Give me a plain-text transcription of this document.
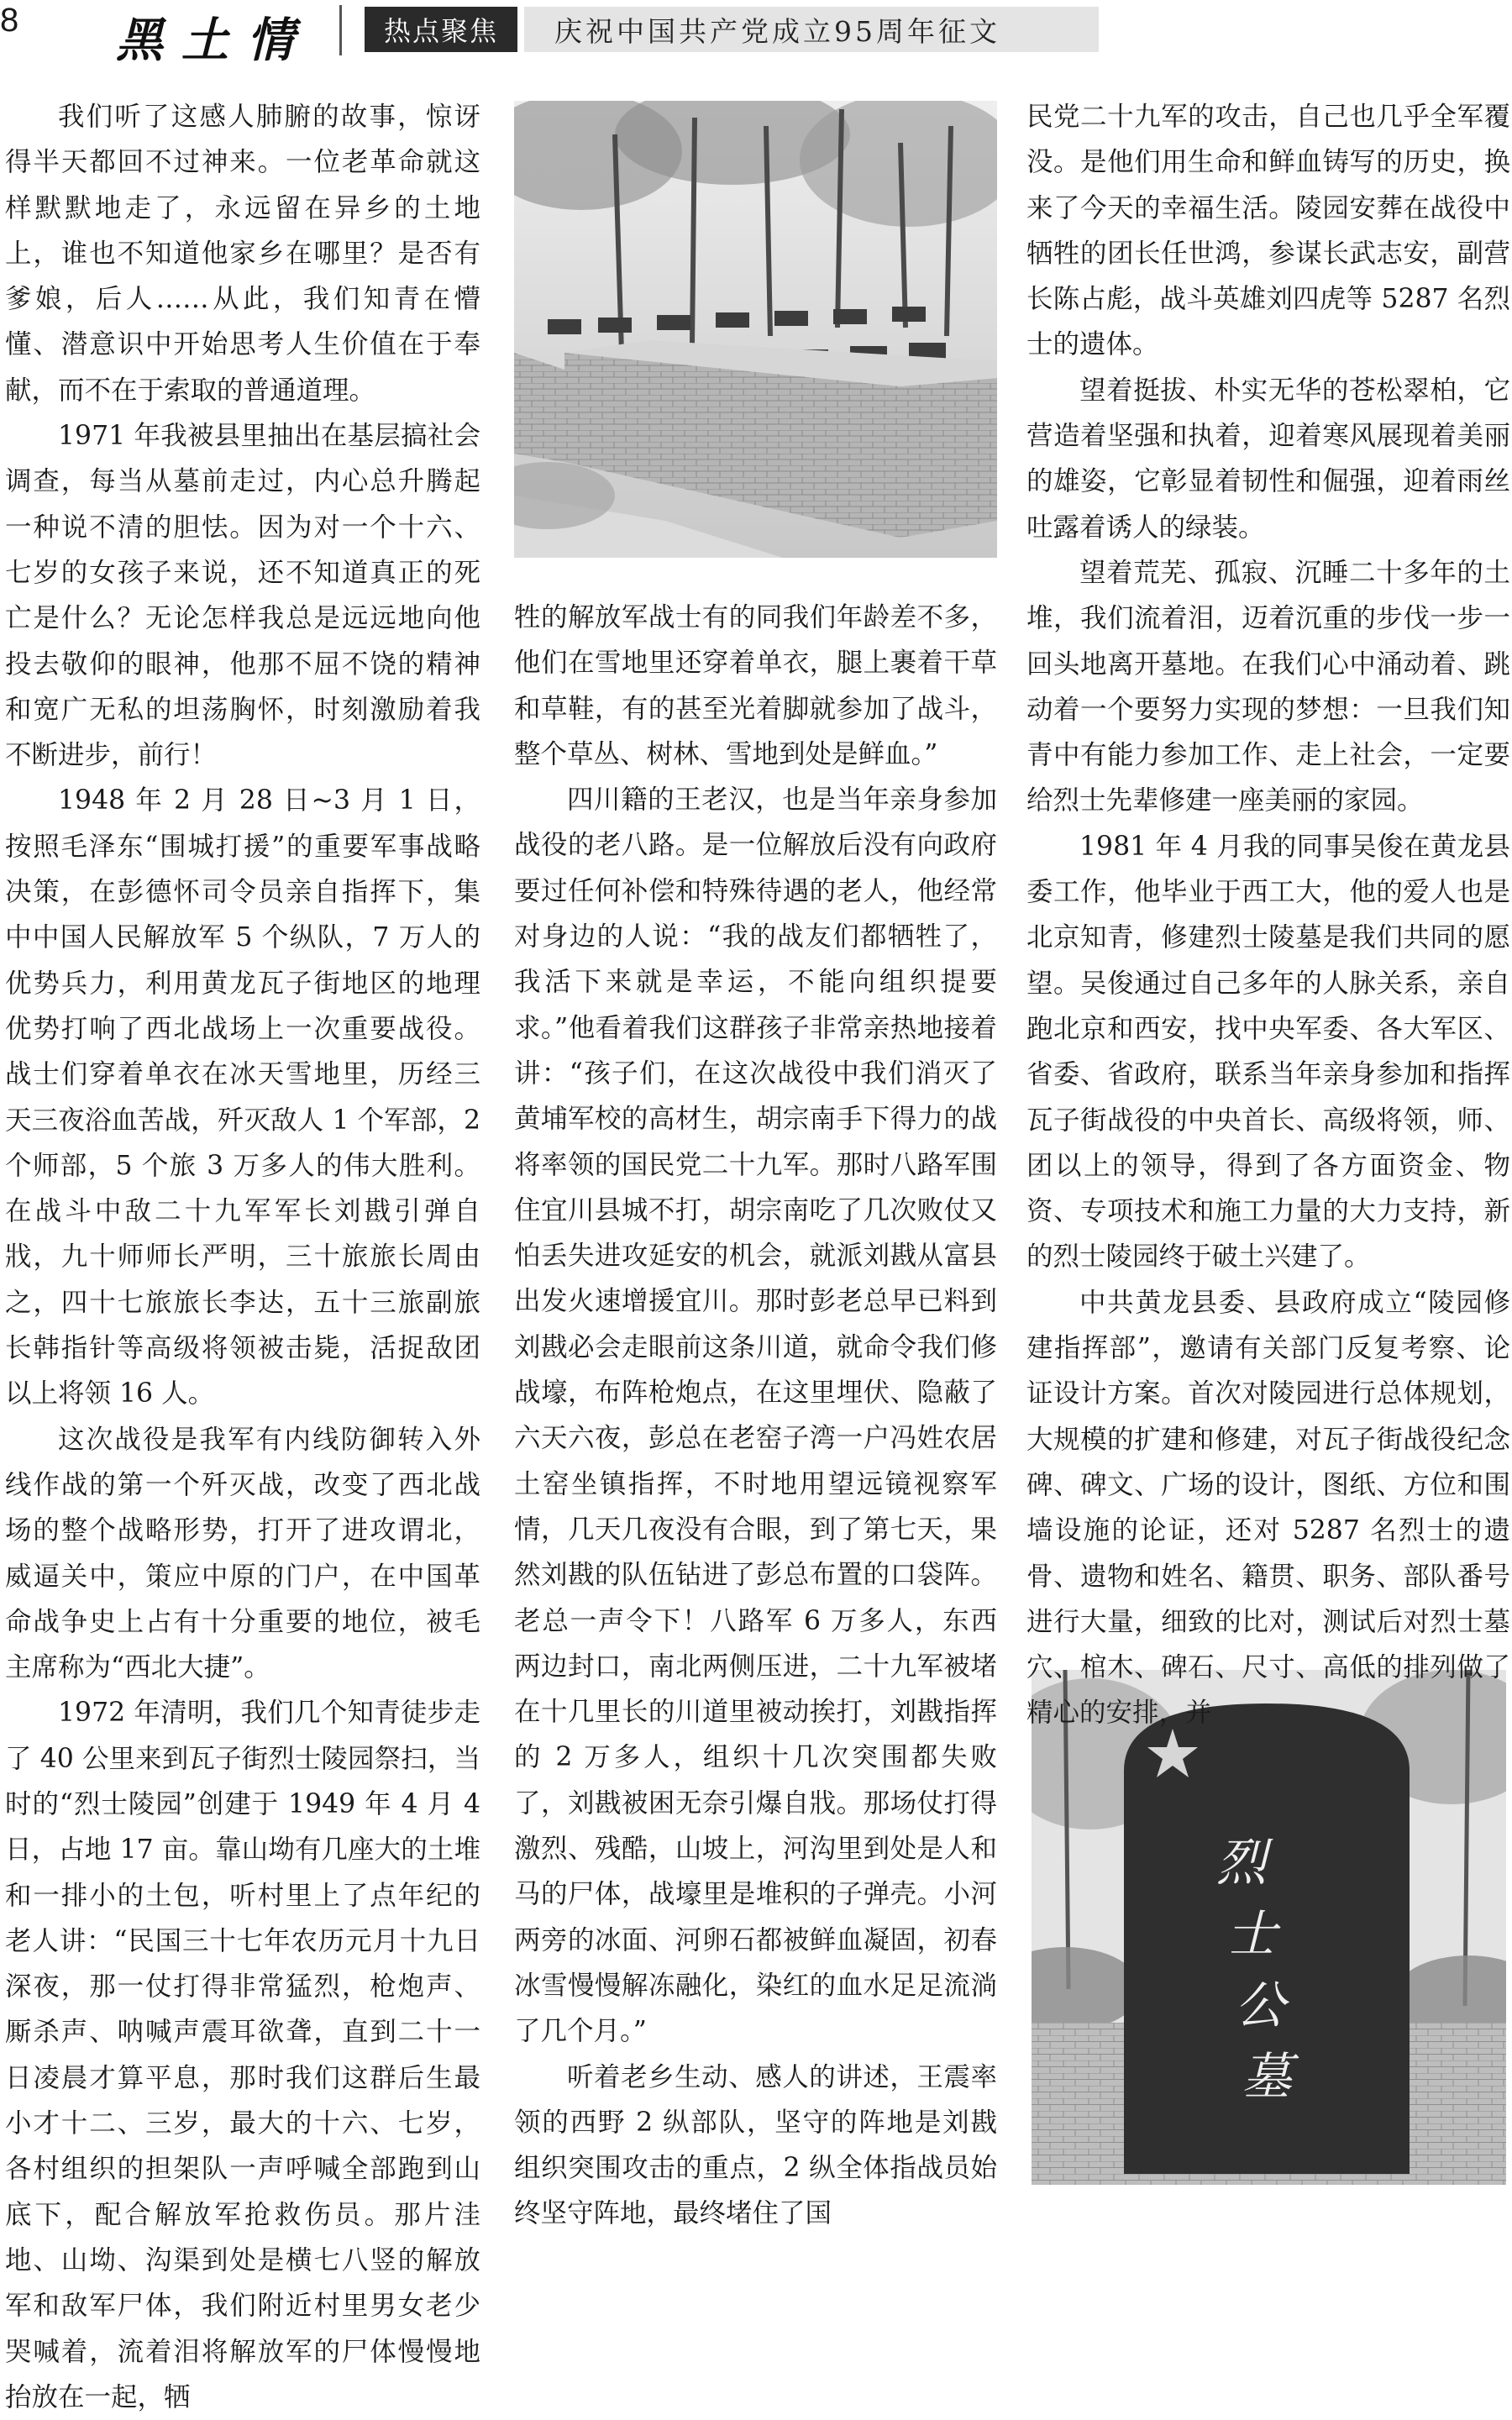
8 黑土情	热点聚焦	庆祝中国共产党成立95周年征文
烈
士
公
墓

我们听了这感人肺腑的故事，惊讶得半天都回不过神来。一位老革命就这样默默地走了，永远留在异乡的土地上，谁也不知道他家乡在哪里？是否有爹娘，后人……从此，我们知青在懵懂、潜意识中开始思考人生价值在于奉献，而不在于索取的普通道理。

1971 年我被县里抽出在基层搞社会调查，每当从墓前走过，内心总升腾起一种说不清的胆怯。因为对一个十六、七岁的女孩子来说，还不知道真正的死亡是什么？无论怎样我总是远远地向他投去敬仰的眼神，他那不屈不饶的精神和宽广无私的坦荡胸怀，时刻激励着我不断进步，前行！

1948 年 2 月 28 日~3 月 1 日，按照毛泽东“围城打援”的重要军事战略决策，在彭德怀司令员亲自指挥下，集中中国人民解放军 5 个纵队，7 万人的优势兵力，利用黄龙瓦子街地区的地理优势打响了西北战场上一次重要战役。战士们穿着单衣在冰天雪地里，历经三天三夜浴血苦战，歼灭敌人 1 个军部，2 个师部，5 个旅 3 万多人的伟大胜利。在战斗中敌二十九军军长刘戡引弹自戕，九十师师长严明，三十旅旅长周由之，四十七旅旅长李达，五十三旅副旅长韩指针等高级将领被击毙，活捉敌团以上将领 16 人。

这次战役是我军有内线防御转入外线作战的第一个歼灭战，改变了西北战场的整个战略形势，打开了进攻谓北，威逼关中，策应中原的门户，在中国革命战争史上占有十分重要的地位，被毛主席称为“西北大捷”。

1972 年清明，我们几个知青徒步走了 40 公里来到瓦子街烈士陵园祭扫，当时的“烈士陵园”创建于 1949 年 4 月 4 日，占地 17 亩。靠山坳有几座大的土堆和一排小的土包，听村里上了点年纪的老人讲：“民国三十七年农历元月十九日深夜，那一仗打得非常猛烈，枪炮声、厮杀声、呐喊声震耳欲聋，直到二十一日凌晨才算平息，那时我们这群后生最小才十二、三岁，最大的十六、七岁，各村组织的担架队一声呼喊全部跑到山底下，配合解放军抢救伤员。那片洼地、山坳、沟渠到处是横七八竖的解放军和敌军尸体，我们附近村里男女老少哭喊着，流着泪将解放军的尸体慢慢地抬放在一起，牺

牲的解放军战士有的同我们年龄差不多，他们在雪地里还穿着单衣，腿上裹着干草和草鞋，有的甚至光着脚就参加了战斗，整个草丛、树林、雪地到处是鲜血。”

四川籍的王老汉，也是当年亲身参加战役的老八路。是一位解放后没有向政府要过任何补偿和特殊待遇的老人，他经常对身边的人说：“我的战友们都牺牲了，我活下来就是幸运，不能向组织提要求。”他看着我们这群孩子非常亲热地接着讲：“孩子们，在这次战役中我们消灭了黄埔军校的高材生，胡宗南手下得力的战将率领的国民党二十九军。那时八路军围住宜川县城不打，胡宗南吃了几次败仗又怕丢失进攻延安的机会，就派刘戡从富县出发火速增援宜川。那时彭老总早已料到刘戡必会走眼前这条川道，就命令我们修战壕，布阵枪炮点，在这里埋伏、隐蔽了六天六夜，彭总在老窑子湾一户冯姓农居土窑坐镇指挥，不时地用望远镜视察军情，几天几夜没有合眼，到了第七天，果然刘戡的队伍钻进了彭总布置的口袋阵。老总一声令下！八路军 6 万多人，东西两边封口，南北两侧压进，二十九军被堵在十几里长的川道里被动挨打，刘戡指挥的 2 万多人，组织十几次突围都失败了，刘戡被困无奈引爆自戕。那场仗打得激烈、残酷，山坡上，河沟里到处是人和马的尸体，战壕里是堆积的子弹壳。小河两旁的冰面、河卵石都被鲜血凝固，初春冰雪慢慢解冻融化，染红的血水足足流淌了几个月。”

听着老乡生动、感人的讲述，王震率领的西野 2 纵部队，坚守的阵地是刘戡组织突围攻击的重点，2 纵全体指战员始终坚守阵地，最终堵住了国

民党二十九军的攻击，自己也几乎全军覆没。是他们用生命和鲜血铸写的历史，换来了今天的幸福生活。陵园安葬在战役中牺牲的团长任世鸿，参谋长武志安，副营长陈占彪，战斗英雄刘四虎等 5287 名烈士的遗体。

望着挺拔、朴实无华的苍松翠柏，它营造着坚强和执着，迎着寒风展现着美丽的雄姿，它彰显着韧性和倔强，迎着雨丝吐露着诱人的绿装。

望着荒芜、孤寂、沉睡二十多年的土堆，我们流着泪，迈着沉重的步伐一步一回头地离开墓地。在我们心中涌动着、跳动着一个要努力实现的梦想：一旦我们知青中有能力参加工作、走上社会，一定要给烈士先辈修建一座美丽的家园。

1981 年 4 月我的同事吴俊在黄龙县委工作，他毕业于西工大，他的爱人也是北京知青，修建烈士陵墓是我们共同的愿望。吴俊通过自己多年的人脉关系，亲自跑北京和西安，找中央军委、各大军区、省委、省政府，联系当年亲身参加和指挥瓦子街战役的中央首长、高级将领，师、团以上的领导，得到了各方面资金、物资、专项技术和施工力量的大力支持，新的烈士陵园终于破土兴建了。

中共黄龙县委、县政府成立“陵园修建指挥部”，邀请有关部门反复考察、论证设计方案。首次对陵园进行总体规划，大规模的扩建和修建，对瓦子街战役纪念碑、碑文、广场的设计，图纸、方位和围墙设施的论证，还对 5287 名烈士的遗骨、遗物和姓名、籍贯、职务、部队番号进行大量，细致的比对，测试后对烈士墓穴、棺木、碑石、尺寸、高低的排列做了精心的安排，并
